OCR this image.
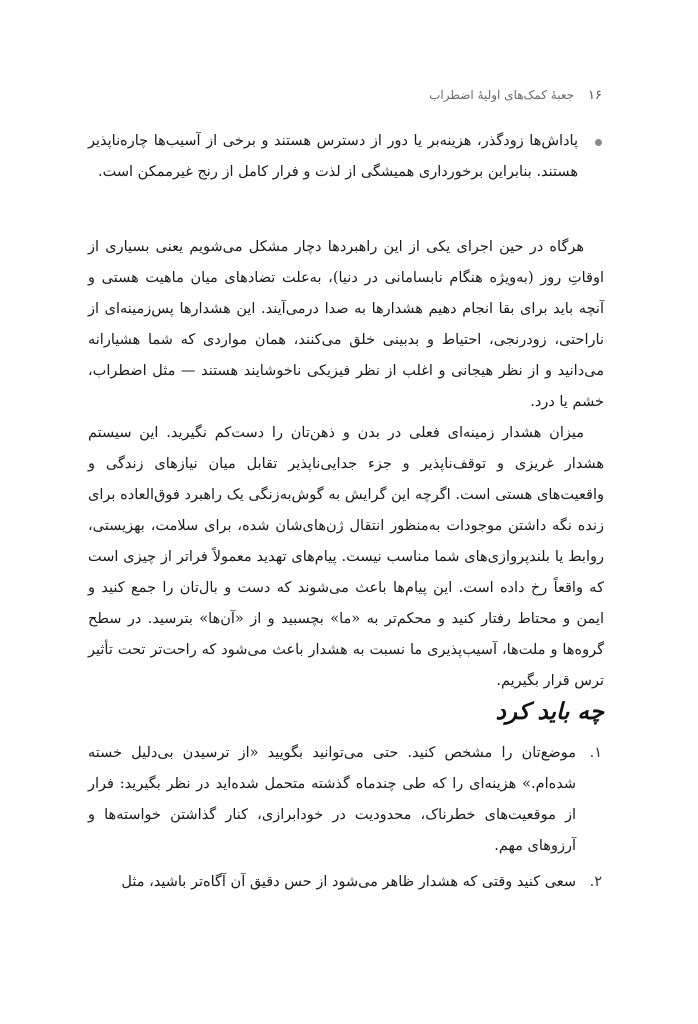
۱۶
جعبهٔ کمک‌های اولیهٔ اضطراب
پاداش‌ها زودگذر، هزینه‌بر یا دور از دسترس هستند و برخی از آسیب‌ها چاره‌ناپذیر هستند. بنابراین برخورداری همیشگی از لذت و فرار کامل از رنج غیرممکن است.

هرگاه در حین اجرای یکی از این راهبردها دچار مشکل می‌شویم یعنی بسیاری از اوقاتِ روز (به‌ویژه هنگام نابسامانی در دنیا)، به‌علت تضادهای میان ماهیت هستی و آنچه باید برای بقا انجام دهیم هشدارها به صدا درمی‌آیند. این هشدارها پس‌زمینه‌ای از ناراحتی، زودرنجی، احتیاط و بدبینی خلق می‌کنند، همان مواردی که شما هشیارانه می‌دانید و از نظر هیجانی و اغلب از نظر فیزیکی ناخوشایند هستند — مثل اضطراب، خشم یا درد.

میزان هشدار زمینه‌ای فعلی در بدن و ذهن‌تان را دست‌کم نگیرید. این سیستم هشدار غریزی و توقف‌ناپذیر و جزء جدایی‌ناپذیر تقابل میان نیازهای زندگی و واقعیت‌های هستی است. اگرچه این گرایش به گوش‌به‌زنگی یک راهبرد فوق‌العاده برای زنده نگه داشتن موجودات به‌منظور انتقال ژن‌های‌شان شده، برای سلامت، بهزیستی، روابط یا بلندپروازی‌های شما مناسب نیست. پیام‌های تهدید معمولاً فراتر از چیزی است که واقعاً رخ داده است. این پیام‌ها باعث می‌شوند که دست و بال‌تان را جمع کنید و ایمن و محتاط رفتار کنید و محکم‌تر به «ما» بچسبید و از «آن‌ها» بترسید. در سطح گروه‌ها و ملت‌ها، آسیب‌پذیری ما نسبت به هشدار باعث می‌شود که راحت‌تر تحت تأثیر ترس قرار بگیریم.

چه باید کرد
۱.
موضع‌تان را مشخص کنید. حتی می‌توانید بگویید «از ترسیدن بی‌دلیل خسته شده‌ام.» هزینه‌ای را که طی چندماه گذشته متحمل شده‌اید در نظر بگیرید: فرار از موقعیت‌های خطرناک، محدودیت در خودابرازی، کنار گذاشتن خواسته‌ها و آرزوهای مهم.
۲.
سعی کنید وقتی که هشدار ظاهر می‌شود از حس دقیق آن آگاه‌تر باشید، مثل
